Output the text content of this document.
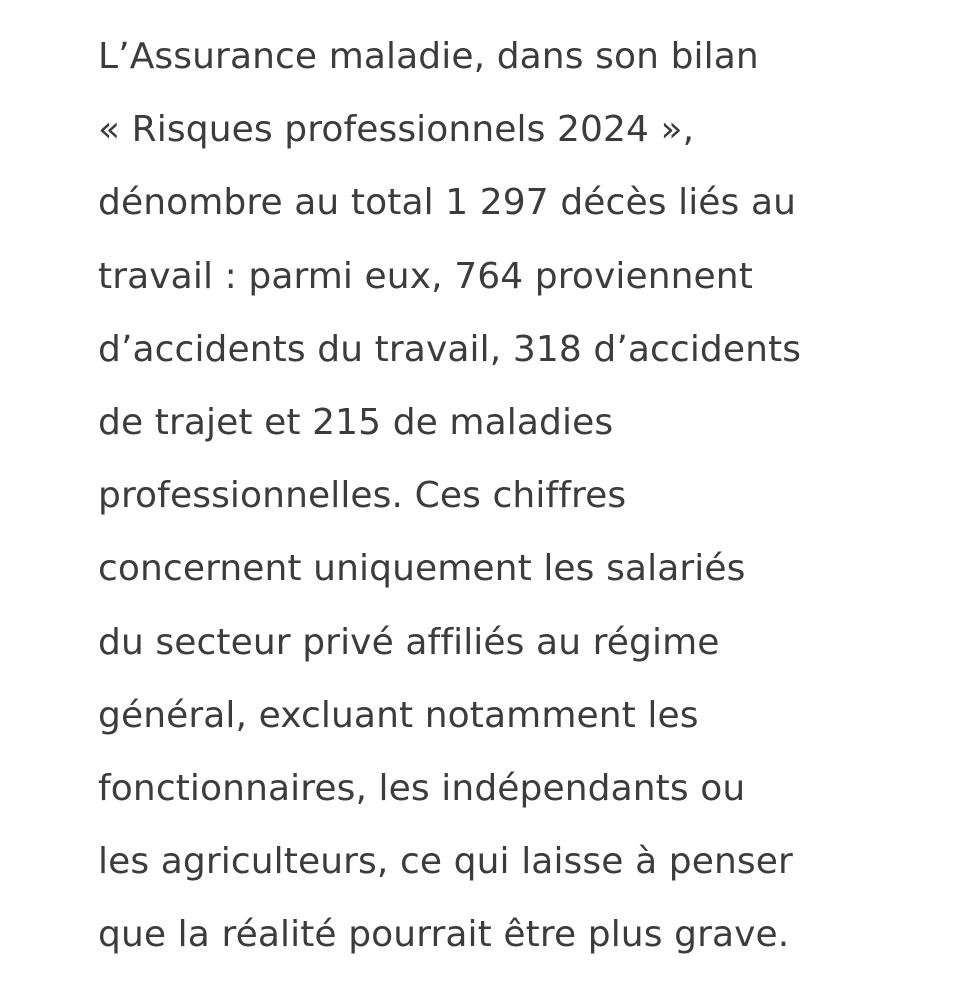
L’Assurance maladie, dans son bilan
« Risques professionnels 2024 »,
dénombre au total 1 297 décès liés au
travail : parmi eux, 764 proviennent
d’accidents du travail, 318 d’accidents
de trajet et 215 de maladies
professionnelles. Ces chiffres
concernent uniquement les salariés
du secteur privé affiliés au régime
général, excluant notamment les
fonctionnaires, les indépendants ou
les agriculteurs, ce qui laisse à penser
que la réalité pourrait être plus grave.
